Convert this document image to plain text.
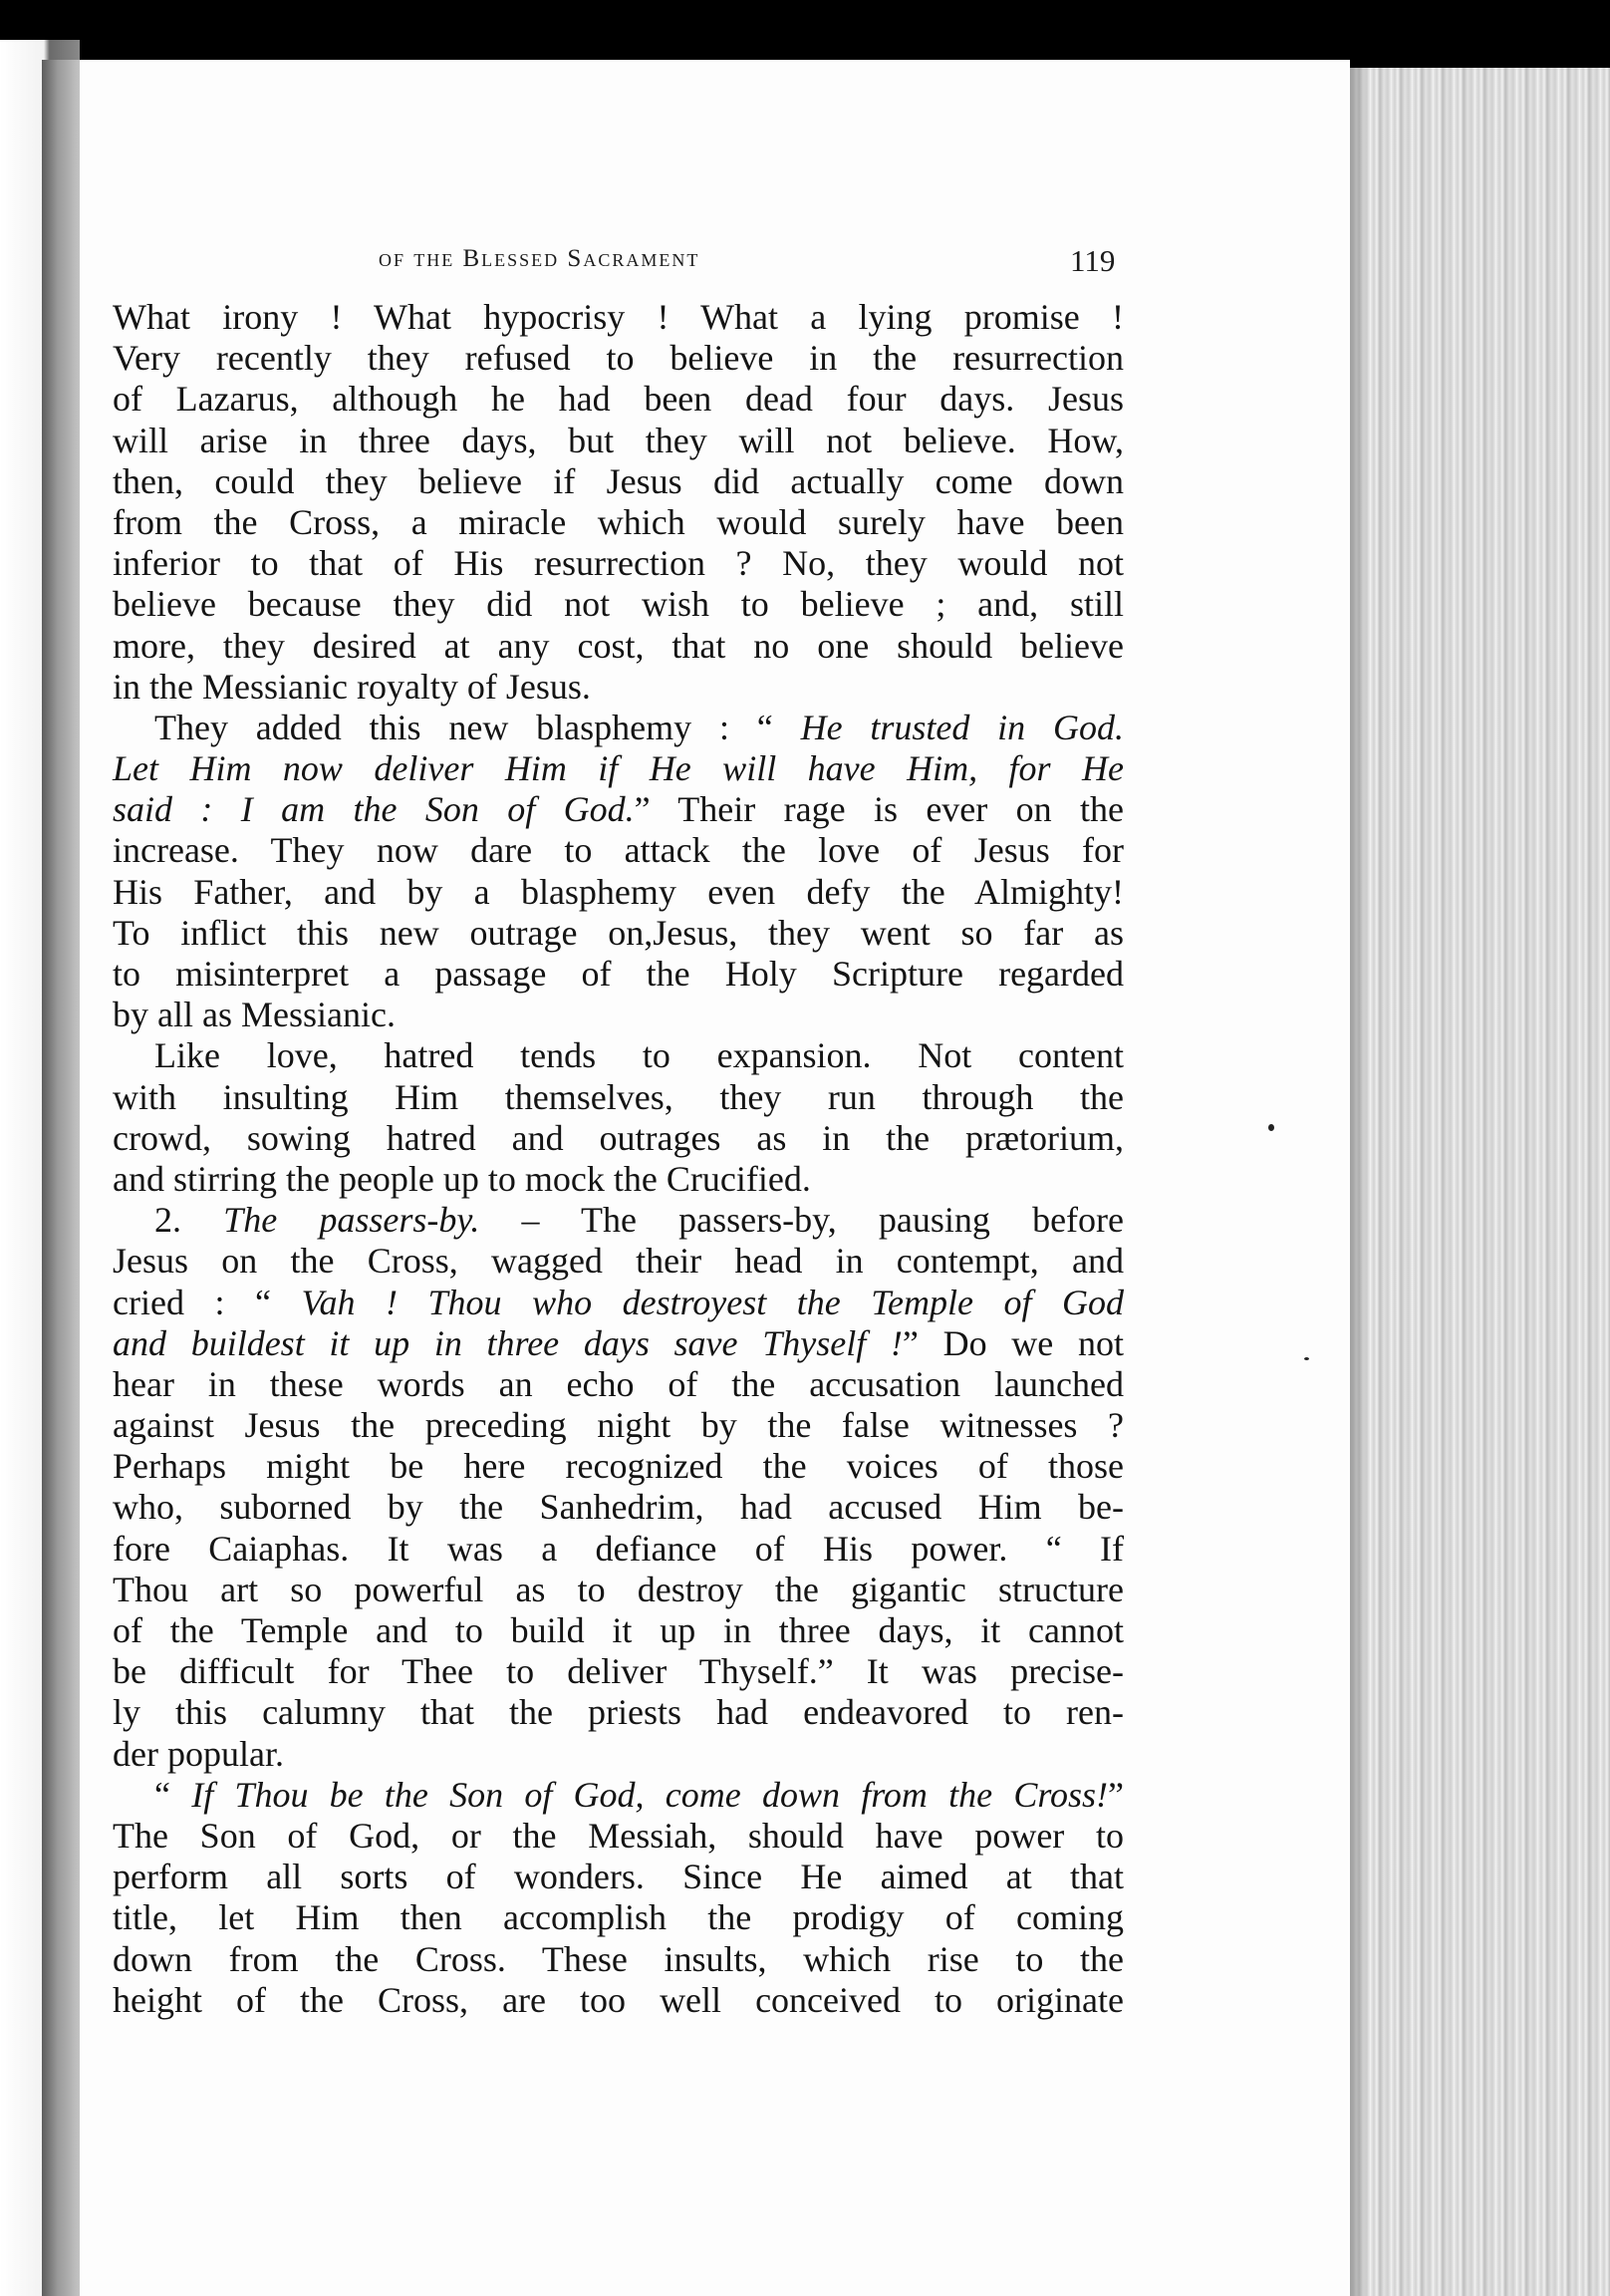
of the Blessed Sacrament	119
What irony ! What hypocrisy ! What a lying promise !
Very recently they refused to believe in the resurrection
of Lazarus, although he had been dead four days. Jesus
will arise in three days, but they will not believe. How,
then, could they believe if Jesus did actually come down
from the Cross, a miracle which would surely have been
inferior to that of His resurrection ? No, they would not
believe because they did not wish to believe ; and, still
more, they desired at any cost, that no one should believe
in the Messianic royalty of Jesus.
They added this new blasphemy : “ He trusted in God.
Let Him now deliver Him if He will have Him, for He
said : I am the Son of God.” Their rage is ever on the
increase. They now dare to attack the love of Jesus for
His Father, and by a blasphemy even defy the Almighty!
To inflict this new outrage on,Jesus, they went so far as
to misinterpret a passage of the Holy Scripture regarded
by all as Messianic.
Like love, hatred tends to expansion. Not content
with insulting Him themselves, they run through the
crowd, sowing hatred and outrages as in the prætorium,
and stirring the people up to mock the Crucified.
2. The passers-by. – The passers-by, pausing before
Jesus on the Cross, wagged their head in contempt, and
cried : “ Vah ! Thou who destroyest the Temple of God
and buildest it up in three days save Thyself !” Do we not
hear in these words an echo of the accusation launched
against Jesus the preceding night by the false witnesses ?
Perhaps might be here recognized the voices of those
who, suborned by the Sanhedrim, had accused Him be-
fore Caiaphas. It was a defiance of His power. “ If
Thou art so powerful as to destroy the gigantic structure
of the Temple and to build it up in three days, it cannot
be difficult for Thee to deliver Thyself.” It was precise-
ly this calumny that the priests had endeavored to ren-
der popular.
“ If Thou be the Son of God, come down from the Cross!”
The Son of God, or the Messiah, should have power to
perform all sorts of wonders. Since He aimed at that
title, let Him then accomplish the prodigy of coming
down from the Cross. These insults, which rise to the
height of the Cross, are too well conceived to originate
